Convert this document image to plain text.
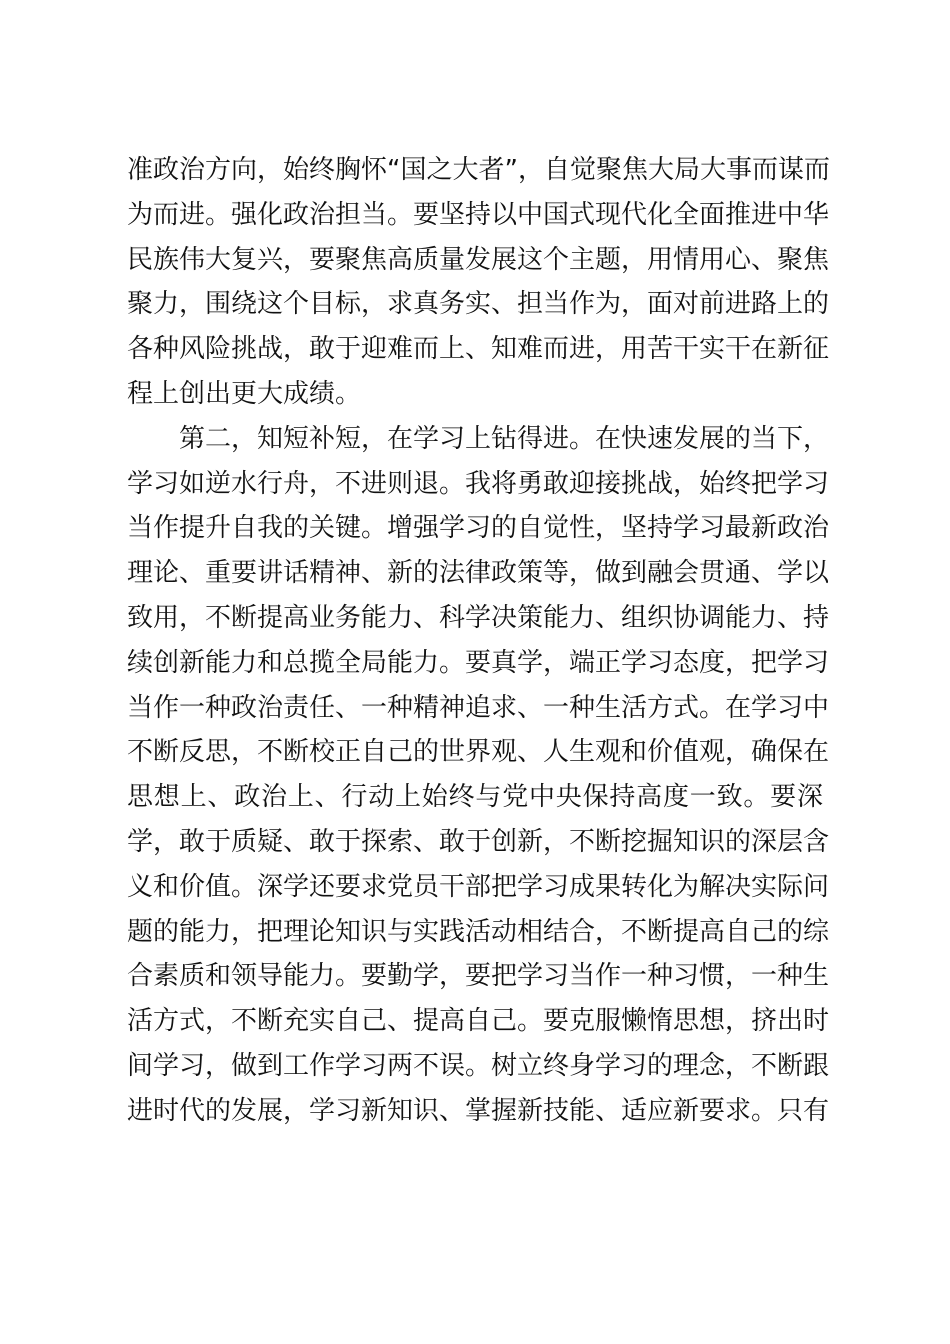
准政治方向，始终胸怀“国之大者”，自觉聚焦大局大事而谋而
为而进。强化政治担当。要坚持以中国式现代化全面推进中华
民族伟大复兴，要聚焦高质量发展这个主题，用情用心、聚焦
聚力，围绕这个目标，求真务实、担当作为，面对前进路上的
各种风险挑战，敢于迎难而上、知难而进，用苦干实干在新征
程上创出更大成绩。
第二，知短补短，在学习上钻得进。在快速发展的当下，
学习如逆水行舟，不进则退。我将勇敢迎接挑战，始终把学习
当作提升自我的关键。增强学习的自觉性，坚持学习最新政治
理论、重要讲话精神、新的法律政策等，做到融会贯通、学以
致用，不断提高业务能力、科学决策能力、组织协调能力、持
续创新能力和总揽全局能力。要真学，端正学习态度，把学习
当作一种政治责任、一种精神追求、一种生活方式。在学习中
不断反思，不断校正自己的世界观、人生观和价值观，确保在
思想上、政治上、行动上始终与党中央保持高度一致。要深
学，敢于质疑、敢于探索、敢于创新，不断挖掘知识的深层含
义和价值。深学还要求党员干部把学习成果转化为解决实际问
题的能力，把理论知识与实践活动相结合，不断提高自己的综
合素质和领导能力。要勤学，要把学习当作一种习惯，一种生
活方式，不断充实自己、提高自己。要克服懒惰思想，挤出时
间学习，做到工作学习两不误。树立终身学习的理念，不断跟
进时代的发展，学习新知识、掌握新技能、适应新要求。只有
